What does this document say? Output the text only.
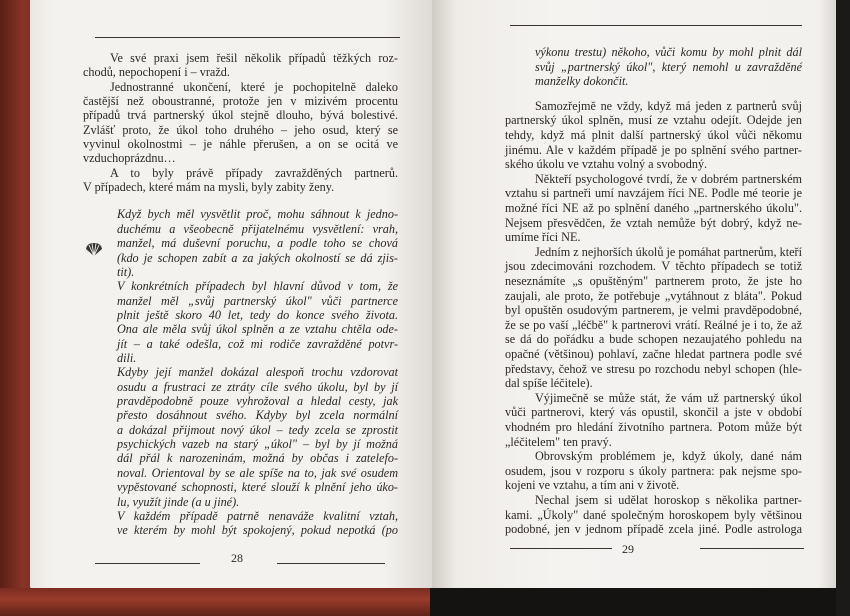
Ve své praxi jsem řešil několik případů těžkých roz-
chodů, nepochopení i – vražd.
Jednostranné ukončení, které je pochopitelně daleko
častější než oboustranné, protože jen v mizivém procentu
případů trvá partnerský úkol stejně dlouho, bývá bolestivé.
Zvlášť proto, že úkol toho druhého – jeho osud, který se
vyvinul okolnostmi – je náhle přerušen, a on se ocitá ve
vzduchoprázdnu…
A to byly právě případy zavražděných partnerů.
V případech, které mám na mysli, byly zabity ženy.
Když bych měl vysvětlit proč, mohu sáhnout k jedno-
duchému a všeobecně přijatelnému vysvětlení: vrah,
manžel, má duševní poruchu, a podle toho se chová
(kdo je schopen zabít a za jakých okolností se dá zjis-
tit).
V konkrétních případech byl hlavní důvod v tom, že
manžel měl „svůj partnerský úkol" vůči partnerce
plnit ještě skoro 40 let, tedy do konce svého života.
Ona ale měla svůj úkol splněn a ze vztahu chtěla ode-
jít – a také odešla, což mi rodiče zavražděné potvr-
dili.
Kdyby její manžel dokázal alespoň trochu vzdorovat
osudu a frustraci ze ztráty cíle svého úkolu, byl by jí
pravděpodobně pouze vyhrožoval a hledal cesty, jak
přesto dosáhnout svého. Kdyby byl zcela normální
a dokázal přijmout nový úkol – tedy zcela se zprostit
psychických vazeb na starý „úkol" – byl by jí možná
dál přál k narozeninám, možná by občas i zatelefo-
noval. Orientoval by se ale spíše na to, jak své osudem
vypěstované schopnosti, které slouží k plnění jeho úko-
lu, využít jinde (a u jiné).
V každém případě patrně nenaváže kvalitní vztah,
ve kterém by mohl být spokojený, pokud nepotká (po
výkonu trestu) někoho, vůči komu by mohl plnit dál
svůj „partnerský úkol", který nemohl u zavražděné
manželky dokončit.
Samozřejmě ne vždy, když má jeden z partnerů svůj
partnerský úkol splněn, musí ze vztahu odejít. Odejde jen
tehdy, když má plnit další partnerský úkol vůči někomu
jinému. Ale v každém případě je po splnění svého partner-
ského úkolu ve vztahu volný a svobodný.
Někteří psychologové tvrdí, že v dobrém partnerském
vztahu si partneři umí navzájem říci NE. Podle mé teorie je
možné říci NE až po splnění daného „partnerského úkolu".
Nejsem přesvědčen, že vztah nemůže být dobrý, když ne-
umíme říci NE.
Jedním z nejhorších úkolů je pomáhat partnerům, kteří
jsou zdecimováni rozchodem. V těchto případech se totiž
neseznámíte „s opuštěným" partnerem proto, že jste ho
zaujali, ale proto, že potřebuje „vytáhnout z bláta". Pokud
byl opuštěn osudovým partnerem, je velmi pravděpodobné,
že se po vaší „léčbě" k partnerovi vrátí. Reálné je i to, že až
se dá do pořádku a bude schopen nezaujatého pohledu na
opačné (většinou) pohlaví, začne hledat partnera podle své
představy, čehož ve stresu po rozchodu nebyl schopen (hle-
dal spíše léčitele).
Výjimečně se může stát, že vám už partnerský úkol
vůči partnerovi, který vás opustil, skončil a jste v období
vhodném pro hledání životního partnera. Potom může být
„léčitelem" ten pravý.
Obrovským problémem je, když úkoly, dané nám
osudem, jsou v rozporu s úkoly partnera: pak nejsme spo-
kojeni ve vztahu, a tím ani v životě.
Nechal jsem si udělat horoskop s několika partner-
kami. „Úkoly" dané společným horoskopem byly většinou
podobné, jen v jednom případě zcela jiné. Podle astrologa
28
29
